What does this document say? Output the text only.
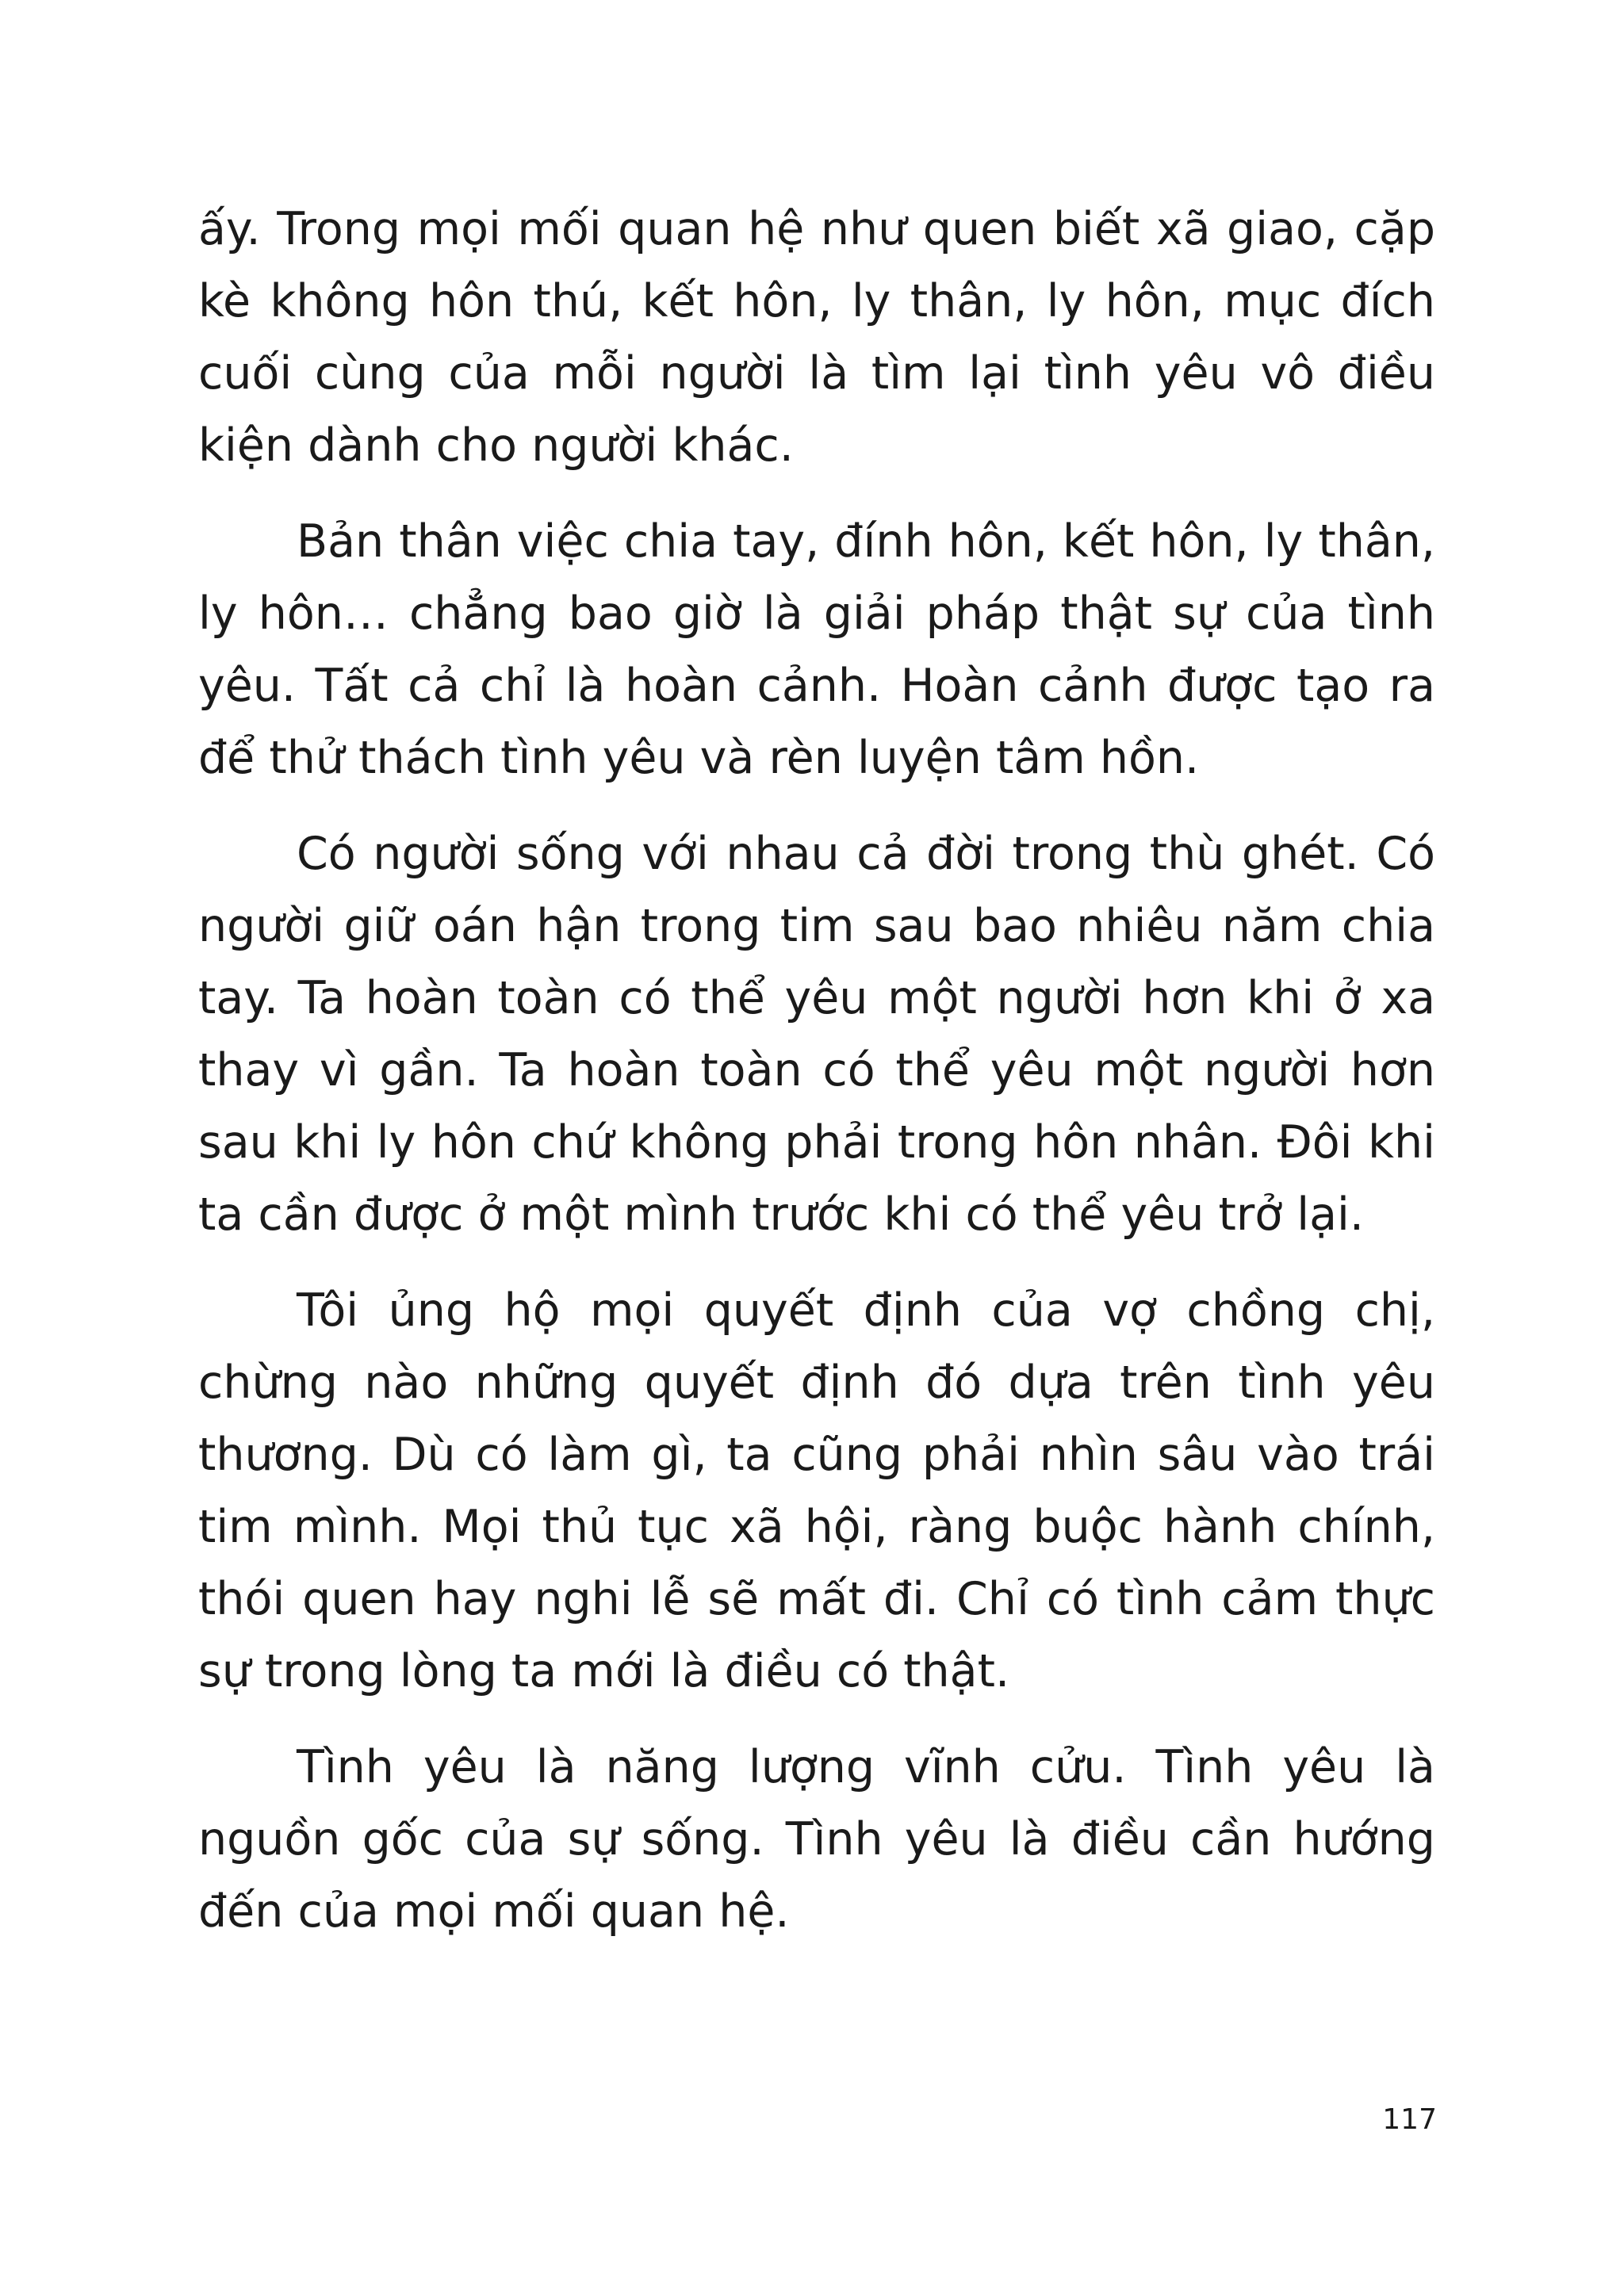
ấy. Trong mọi mối quan hệ như quen biết xã giao, cặp kè không hôn thú, kết hôn, ly thân, ly hôn, mục đích cuối cùng của mỗi người là tìm lại tình yêu vô điều kiện dành cho người khác.

Bản thân việc chia tay, đính hôn, kết hôn, ly thân, ly hôn… chẳng bao giờ là giải pháp thật sự của tình yêu. Tất cả chỉ là hoàn cảnh. Hoàn cảnh được tạo ra để thử thách tình yêu và rèn luyện tâm hồn.

Có người sống với nhau cả đời trong thù ghét. Có người giữ oán hận trong tim sau bao nhiêu năm chia tay. Ta hoàn toàn có thể yêu một người hơn khi ở xa thay vì gần. Ta hoàn toàn có thể yêu một người hơn sau khi ly hôn chứ không phải trong hôn nhân. Đôi khi ta cần được ở một mình trước khi có thể yêu trở lại.

Tôi ủng hộ mọi quyết định của vợ chồng chị, chừng nào những quyết định đó dựa trên tình yêu thương. Dù có làm gì, ta cũng phải nhìn sâu vào trái tim mình. Mọi thủ tục xã hội, ràng buộc hành chính, thói quen hay nghi lễ sẽ mất đi. Chỉ có tình cảm thực sự trong lòng ta mới là điều có thật.

Tình yêu là năng lượng vĩnh cửu. Tình yêu là nguồn gốc của sự sống. Tình yêu là điều cần hướng đến của mọi mối quan hệ.

117
